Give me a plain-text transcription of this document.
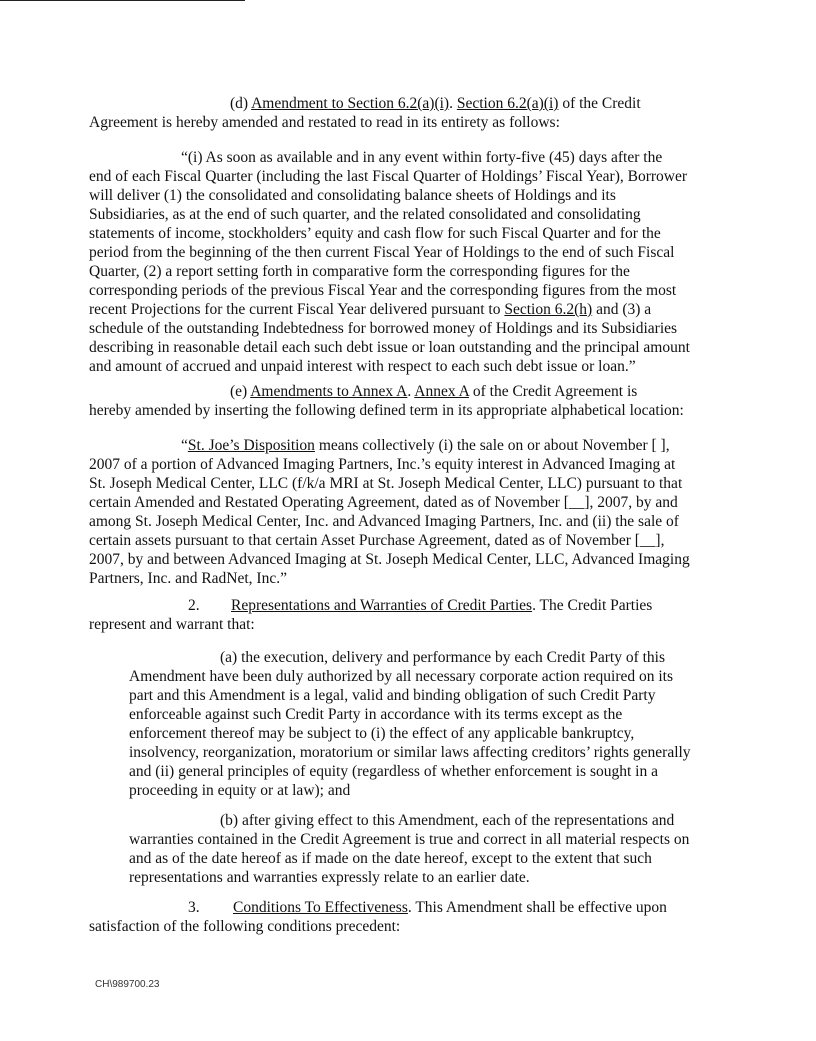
(d) Amendment to Section 6.2(a)(i). Section 6.2(a)(i) of the Credit
Agreement is hereby amended and restated to read in its entirety as follows:
“(i) As soon as available and in any event within forty-five (45) days after the
end of each Fiscal Quarter (including the last Fiscal Quarter of Holdings’ Fiscal Year), Borrower
will deliver (1) the consolidated and consolidating balance sheets of Holdings and its
Subsidiaries, as at the end of such quarter, and the related consolidated and consolidating
statements of income, stockholders’ equity and cash flow for such Fiscal Quarter and for the
period from the beginning of the then current Fiscal Year of Holdings to the end of such Fiscal
Quarter, (2) a report setting forth in comparative form the corresponding figures for the
corresponding periods of the previous Fiscal Year and the corresponding figures from the most
recent Projections for the current Fiscal Year delivered pursuant to Section 6.2(h) and (3) a
schedule of the outstanding Indebtedness for borrowed money of Holdings and its Subsidiaries
describing in reasonable detail each such debt issue or loan outstanding and the principal amount
and amount of accrued and unpaid interest with respect to each such debt issue or loan.”
(e) Amendments to Annex A. Annex A of the Credit Agreement is
hereby amended by inserting the following defined term in its appropriate alphabetical location:
“St. Joe’s Disposition means collectively (i) the sale on or about November [ ],
2007 of a portion of Advanced Imaging Partners, Inc.’s equity interest in Advanced Imaging at
St. Joseph Medical Center, LLC (f/k/a MRI at St. Joseph Medical Center, LLC) pursuant to that
certain Amended and Restated Operating Agreement, dated as of November [__], 2007, by and
among St. Joseph Medical Center, Inc. and Advanced Imaging Partners, Inc. and (ii) the sale of
certain assets pursuant to that certain Asset Purchase Agreement, dated as of November [__],
2007, by and between Advanced Imaging at St. Joseph Medical Center, LLC, Advanced Imaging
Partners, Inc. and RadNet, Inc.”
2. Representations and Warranties of Credit Parties. The Credit Parties
represent and warrant that:
(a) the execution, delivery and performance by each Credit Party of this
Amendment have been duly authorized by all necessary corporate action required on its
part and this Amendment is a legal, valid and binding obligation of such Credit Party
enforceable against such Credit Party in accordance with its terms except as the
enforcement thereof may be subject to (i) the effect of any applicable bankruptcy,
insolvency, reorganization, moratorium or similar laws affecting creditors’ rights generally
and (ii) general principles of equity (regardless of whether enforcement is sought in a
proceeding in equity or at law); and
(b) after giving effect to this Amendment, each of the representations and
warranties contained in the Credit Agreement is true and correct in all material respects on
and as of the date hereof as if made on the date hereof, except to the extent that such
representations and warranties expressly relate to an earlier date.
3. Conditions To Effectiveness. This Amendment shall be effective upon
satisfaction of the following conditions precedent:
CH\989700.23
